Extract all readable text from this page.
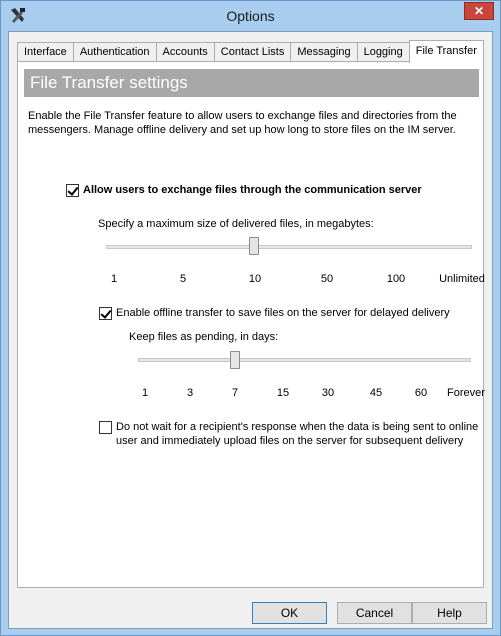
Options	✕
Interface	Authentication	Accounts	Contact Lists	Messaging	Logging	File Transfer
File Transfer settings
Enable the File Transfer feature to allow users to exchange files and directories from the messengers. Manage offline delivery and set up how long to store files on the IM server.
Allow users to exchange files through the communication server
Specify a maximum size of delivered files, in megabytes:
1	5	10	50	100	Unlimited
Enable offline transfer to save files on the server for delayed delivery
Keep files as pending, in days:
1	3	7	15	30	45	60 Forever
Do not wait for a recipient's response when the data is being sent to online
user and immediately upload files on the server for subsequent delivery
OK	Cancel	Help
